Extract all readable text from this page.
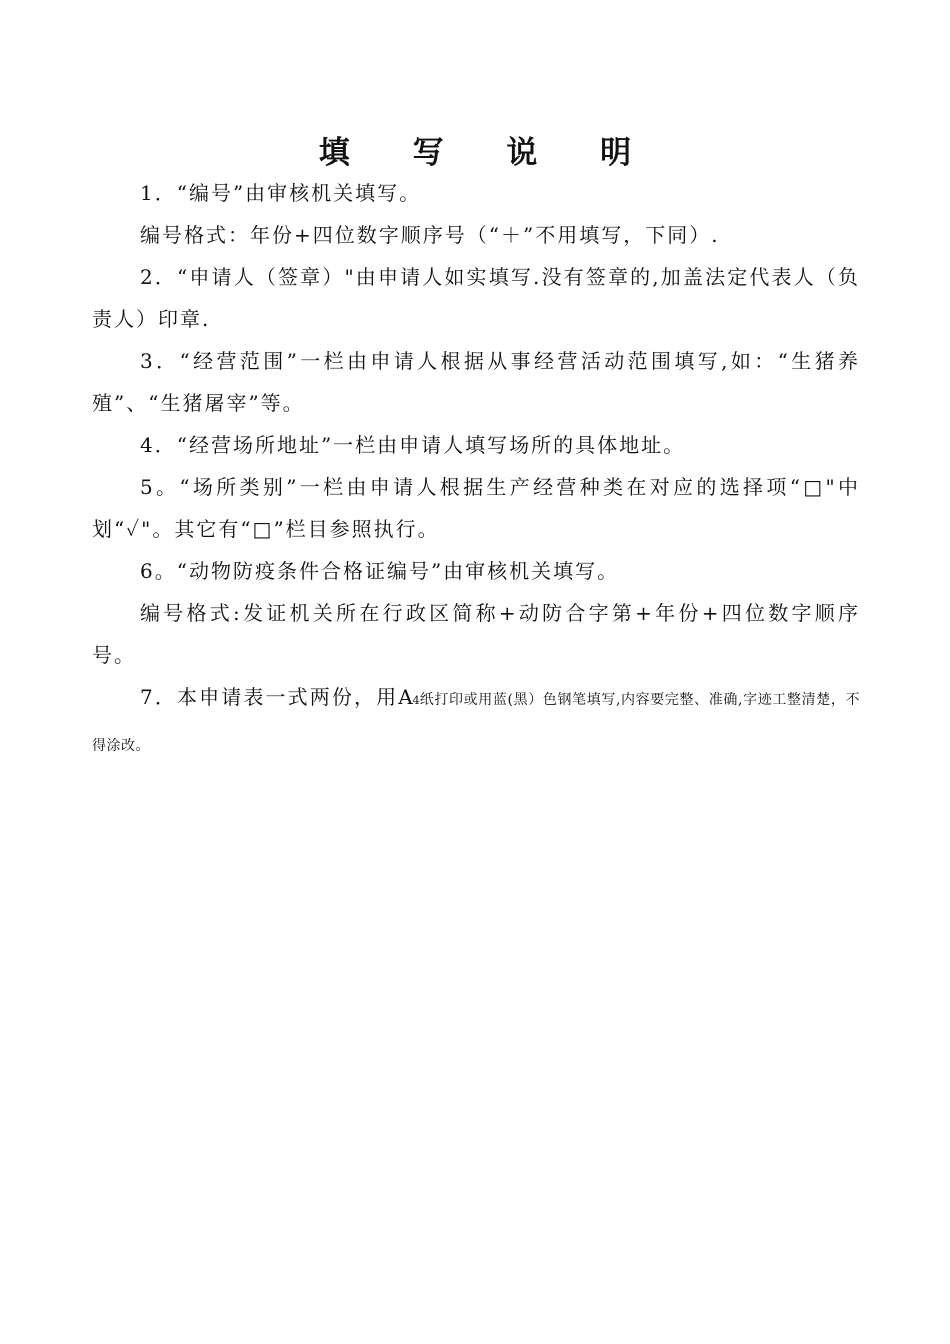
填 写 说 明

1．“编号”由审核机关填写。

编号格式：年份+四位数字顺序号（“＋”不用填写，下同）.

2．“申请人（签章）"由申请人如实填写.没有签章的,加盖法定代表人（负责人）印章.

3．“经营范围”一栏由申请人根据从事经营活动范围填写,如：“生猪养殖”、“生猪屠宰”等。

4．“经营场所地址”一栏由申请人填写场所的具体地址。

5。“场所类别”一栏由申请人根据生产经营种类在对应的选择项“□"中划“✓"。其它有“□”栏目参照执行。

6。“动物防疫条件合格证编号”由审核机关填写。

编号格式:发证机关所在行政区简称+动防合字第+年份+四位数字顺序号。

7．本申请表一式两份，用A4纸打印或用蓝(黑）色钢笔填写,内容要完整、准确,字迹工整清楚，不得涂改。
